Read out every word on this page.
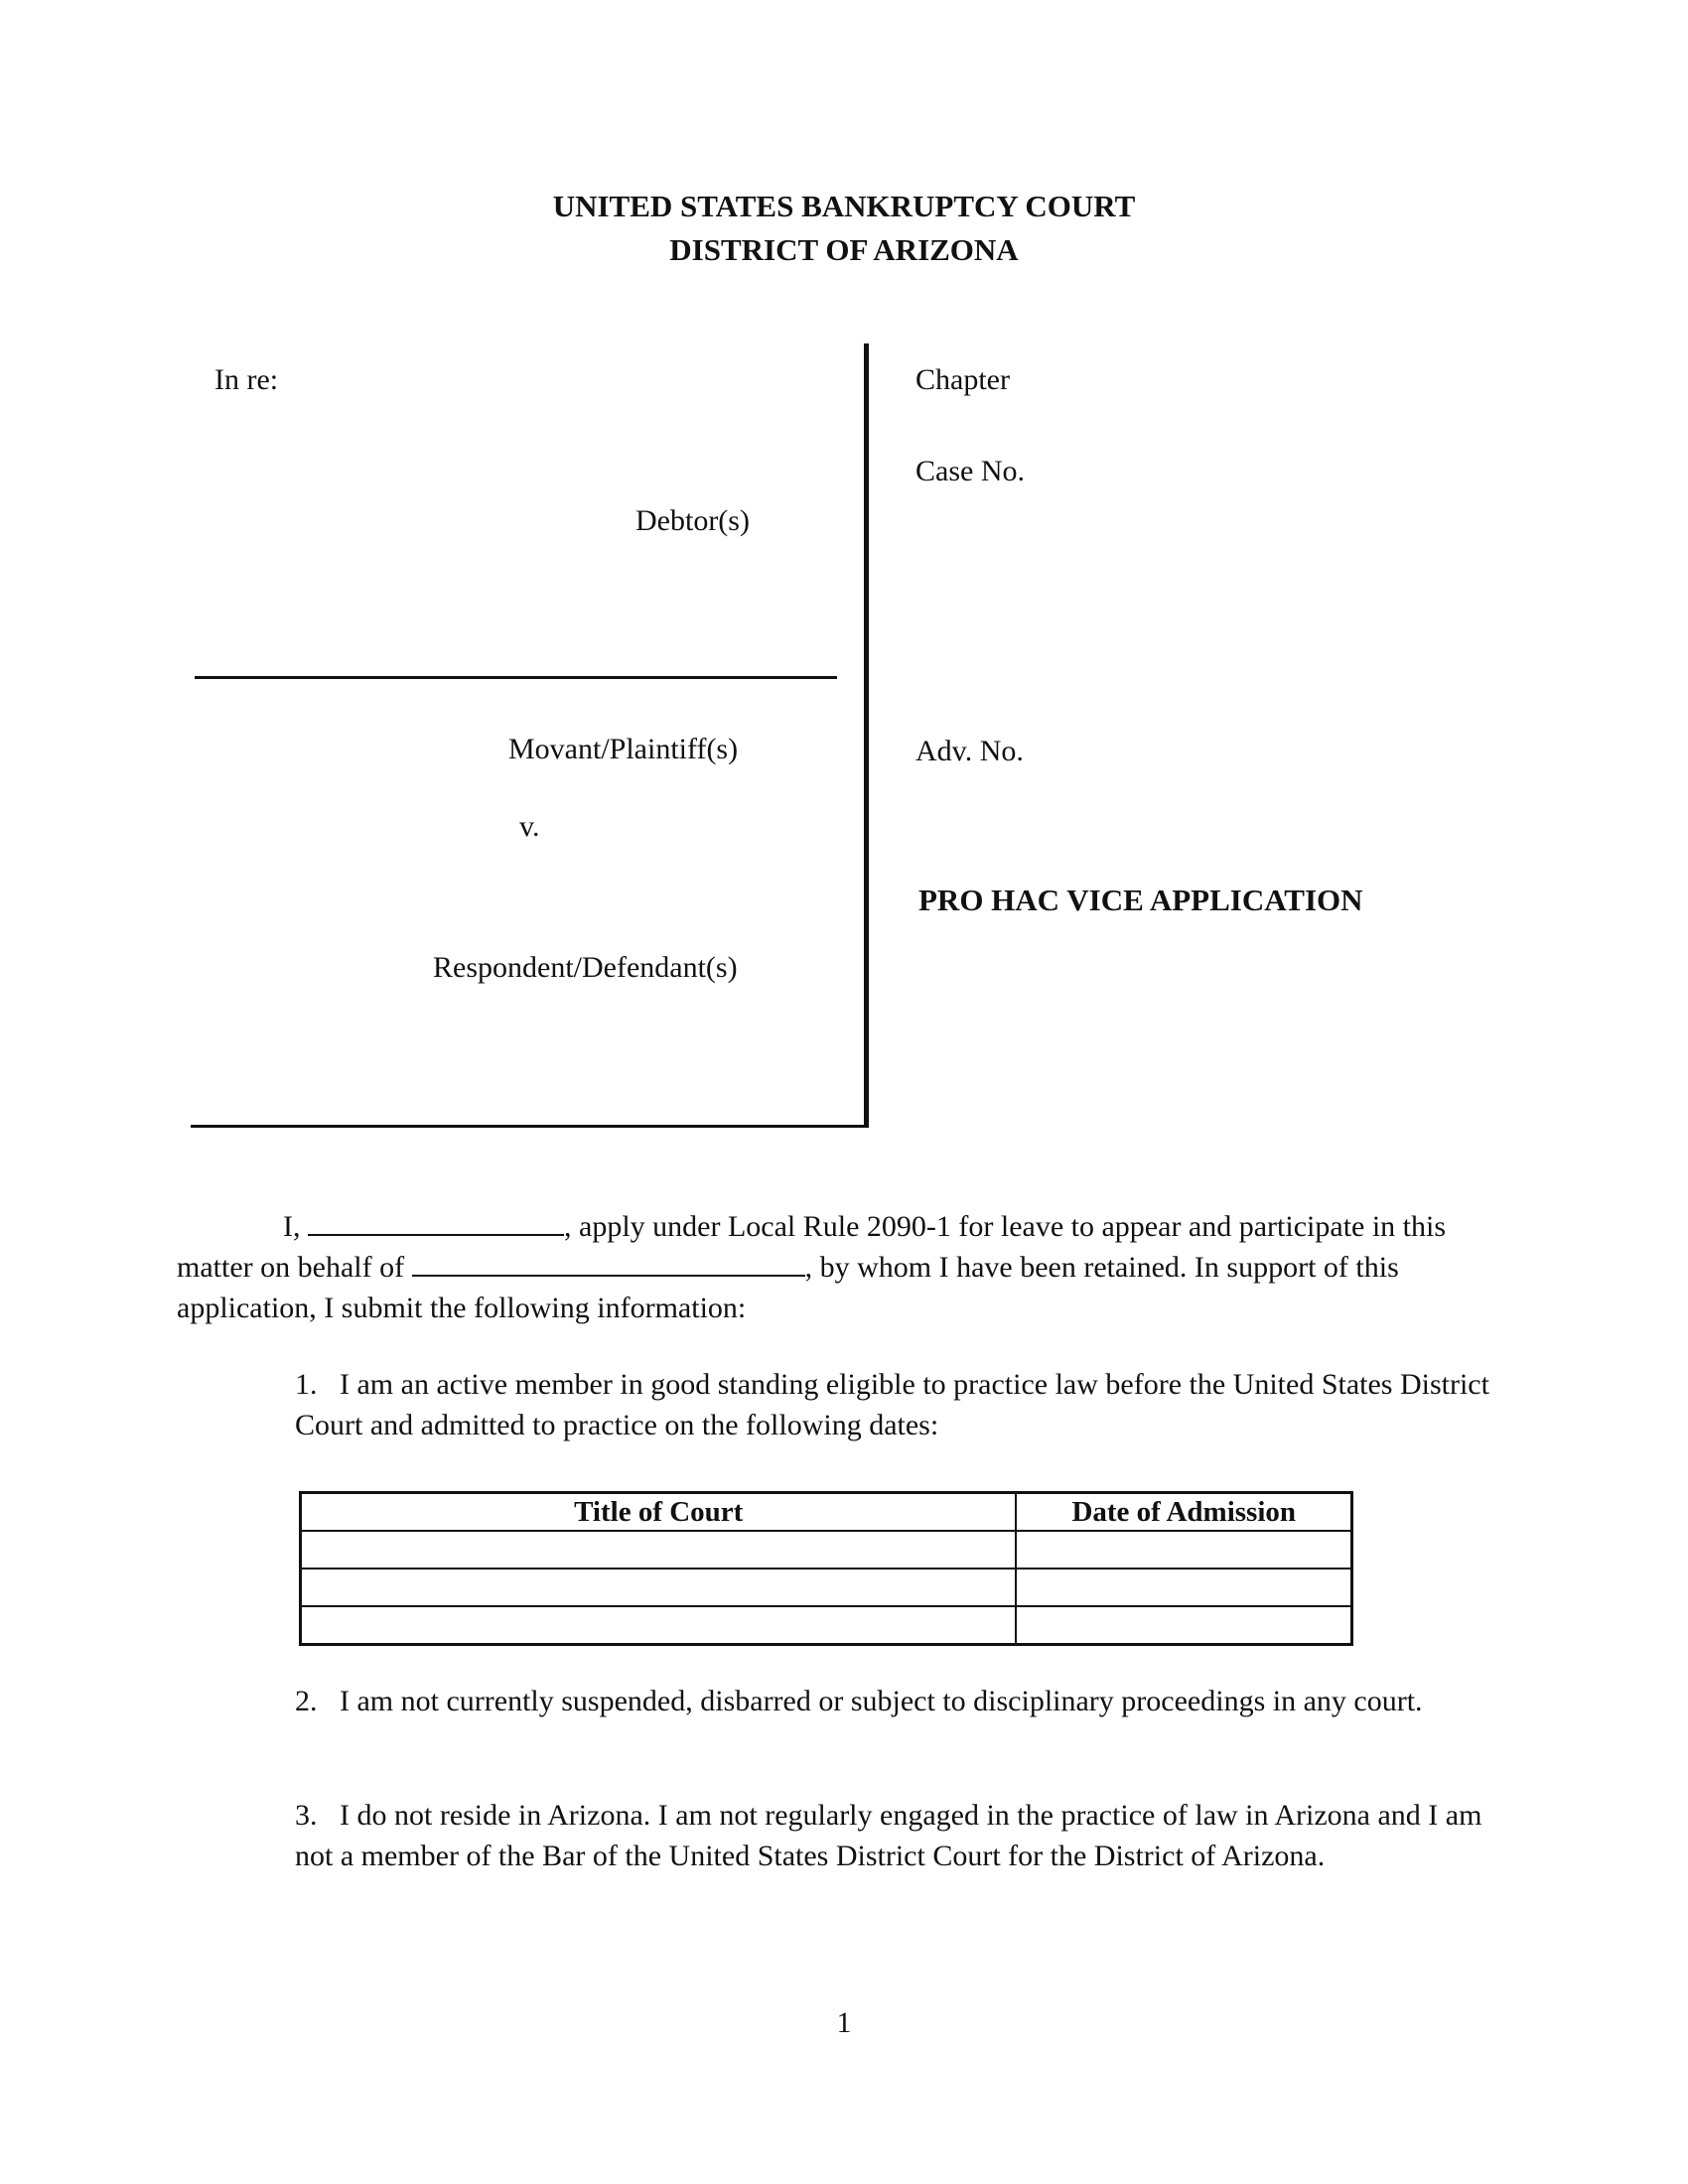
UNITED STATES BANKRUPTCY COURT
DISTRICT OF ARIZONA
In re:
Debtor(s)
Movant/Plaintiff(s)
v.
Respondent/Defendant(s)
Chapter
Case No.
Adv. No.
PRO HAC VICE APPLICATION
I,	, apply under Local Rule 2090-1 for leave to appear and participate in this matter on behalf of	, by whom I have been retained. In support of this application, I submit the following information:
1. I am an active member in good standing eligible to practice law before the United States District Court and admitted to practice on the following dates:
Title of Court	Date of Admission

2. I am not currently suspended, disbarred or subject to disciplinary proceedings in any court.
3. I do not reside in Arizona. I am not regularly engaged in the practice of law in Arizona and I am not a member of the Bar of the United States District Court for the District of Arizona.
1
